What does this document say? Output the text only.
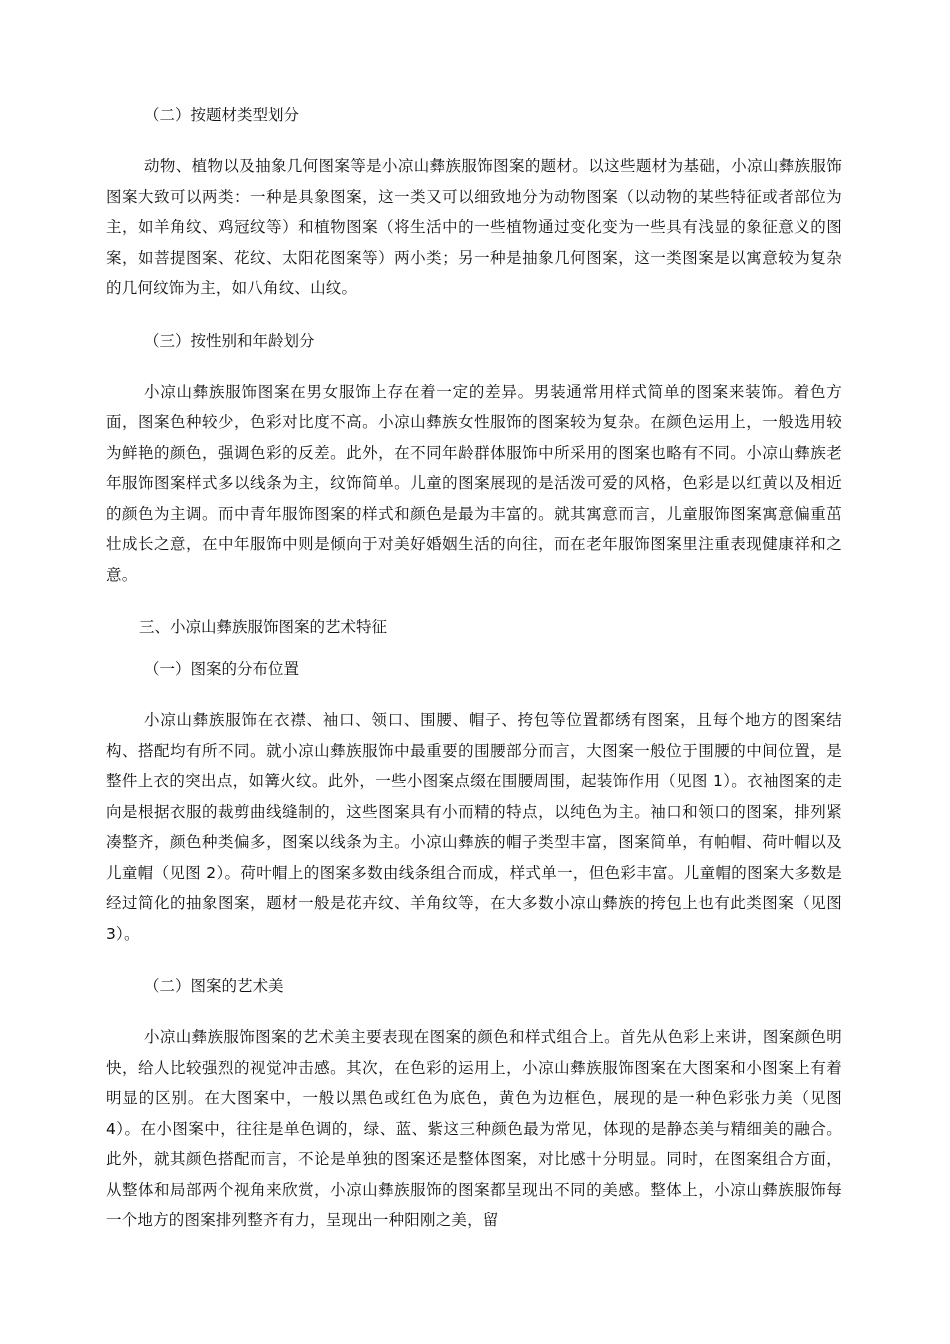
（二）按题材类型划分

动物、植物以及抽象几何图案等是小凉山彝族服饰图案的题材。以这些题材为基础，小凉山彝族服饰图案大致可以两类：一种是具象图案，这一类又可以细致地分为动物图案（以动物的某些特征或者部位为主，如羊角纹、鸡冠纹等）和植物图案（将生活中的一些植物通过变化变为一些具有浅显的象征意义的图案，如菩提图案、花纹、太阳花图案等）两小类；另一种是抽象几何图案，这一类图案是以寓意较为复杂的几何纹饰为主，如八角纹、山纹。

（三）按性别和年龄划分

小凉山彝族服饰图案在男女服饰上存在着一定的差异。男装通常用样式简单的图案来装饰。着色方面，图案色种较少，色彩对比度不高。小凉山彝族女性服饰的图案较为复杂。在颜色运用上，一般选用较为鲜艳的颜色，强调色彩的反差。此外，在不同年龄群体服饰中所采用的图案也略有不同。小凉山彝族老年服饰图案样式多以线条为主，纹饰简单。儿童的图案展现的是活泼可爱的风格，色彩是以红黄以及相近的颜色为主调。而中青年服饰图案的样式和颜色是最为丰富的。就其寓意而言，儿童服饰图案寓意偏重茁壮成长之意，在中年服饰中则是倾向于对美好婚姻生活的向往，而在老年服饰图案里注重表现健康祥和之意。

三、小凉山彝族服饰图案的艺术特征

（一）图案的分布位置

小凉山彝族服饰在衣襟、袖口、领口、围腰、帽子、挎包等位置都绣有图案，且每个地方的图案结构、搭配均有所不同。就小凉山彝族服饰中最重要的围腰部分而言，大图案一般位于围腰的中间位置，是整件上衣的突出点，如篝火纹。此外，一些小图案点缀在围腰周围，起装饰作用（见图 1）。衣袖图案的走向是根据衣服的裁剪曲线缝制的，这些图案具有小而精的特点，以纯色为主。袖口和领口的图案，排列紧凑整齐，颜色种类偏多，图案以线条为主。小凉山彝族的帽子类型丰富，图案简单，有帕帽、荷叶帽以及儿童帽（见图 2）。荷叶帽上的图案多数由线条组合而成，样式单一，但色彩丰富。儿童帽的图案大多数是经过简化的抽象图案，题材一般是花卉纹、羊角纹等，在大多数小凉山彝族的挎包上也有此类图案（见图 3）。

（二）图案的艺术美

小凉山彝族服饰图案的艺术美主要表现在图案的颜色和样式组合上。首先从色彩上来讲，图案颜色明快，给人比较强烈的视觉冲击感。其次，在色彩的运用上，小凉山彝族服饰图案在大图案和小图案上有着明显的区别。在大图案中，一般以黑色或红色为底色，黄色为边框色，展现的是一种色彩张力美（见图 4）。在小图案中，往往是单色调的，绿、蓝、紫这三种颜色最为常见，体现的是静态美与精细美的融合。此外，就其颜色搭配而言，不论是单独的图案还是整体图案，对比感十分明显。同时，在图案组合方面，从整体和局部两个视角来欣赏，小凉山彝族服饰的图案都呈现出不同的美感。整体上，小凉山彝族服饰每一个地方的图案排列整齐有力，呈现出一种阳刚之美，留
